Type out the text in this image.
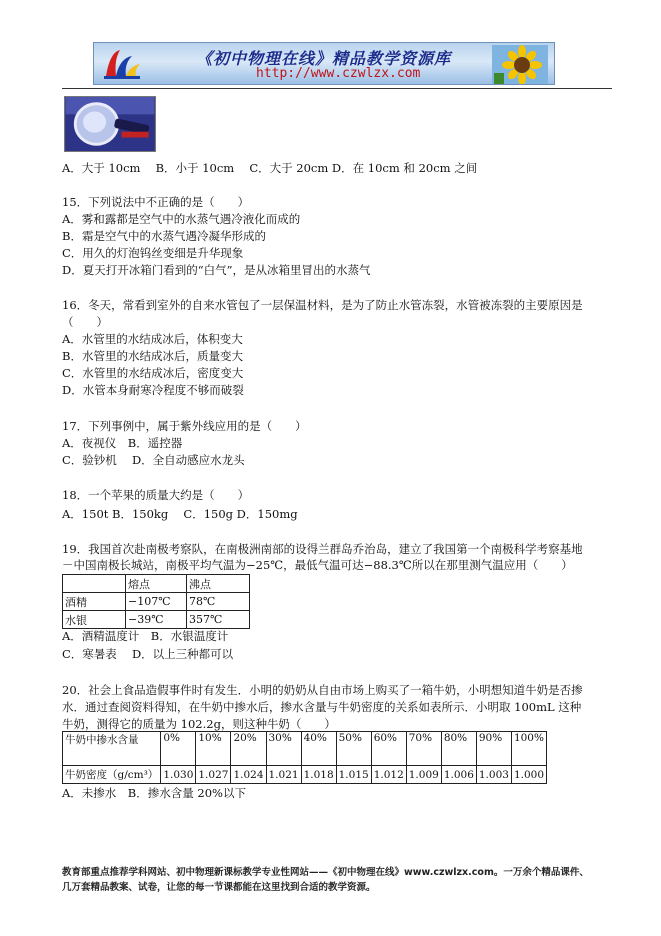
《初中物理在线》精品教学资源库
http://www.czwlzx.com
A．大于 10cm　 B．小于 10cm　 C．大于 20cm D．在 10cm 和 20cm 之间
15．下列说法中不正确的是（　　）
A．雾和露都是空气中的水蒸气遇冷液化而成的
B．霜是空气中的水蒸气遇冷凝华形成的
C．用久的灯泡钨丝变细是升华现象
D．夏天打开冰箱门看到的“白气”，是从冰箱里冒出的水蒸气
16．冬天，常看到室外的自来水管包了一层保温材料，是为了防止水管冻裂，水管被冻裂的主要原因是
（　　）
A．水管里的水结成冰后，体积变大
B．水管里的水结成冰后，质量变大
C．水管里的水结成冰后，密度变大
D．水管本身耐寒冷程度不够而破裂
17．下列事例中，属于紫外线应用的是（　　）
A．夜视仪　B．遥控器
C．验钞机　 D．全自动感应水龙头
18．一个苹果的质量大约是（　　）
A．150t B．150kg　 C．150g D．150mg
19．我国首次赴南极考察队，在南极洲南部的设得兰群岛乔治岛，建立了我国第一个南极科学考察基地
－中国南极长城站，南极平均气温为−25℃，最低气温可达−88.3℃所以在那里测气温应用（　　）
	熔点	沸点
酒精	−107℃	78℃
水银	−39℃	357℃
A．酒精温度计　B．水银温度计
C．寒暑表　 D．以上三种都可以
20．社会上食品造假事件时有发生．小明的奶奶从自由市场上购买了一箱牛奶，小明想知道牛奶是否掺
水．通过查阅资料得知，在牛奶中掺水后，掺水含量与牛奶密度的关系如表所示．小明取 100mL 这种
牛奶，测得它的质量为 102.2g，则这种牛奶（　　）
牛奶中掺水含量	0%	10%	20%	30%	40%	50%	60%	70%	80%	90%	100%
牛奶密度（g/cm³）	1.030	1.027	1.024	1.021	1.018	1.015	1.012	1.009	1.006	1.003	1.000
A．未掺水　B．掺水含量 20%以下
教育部重点推荐学科网站、初中物理新课标教学专业性网站——《初中物理在线》www.czwlzx.com。一万余个精品课件、
几万套精品教案、试卷，让您的每一节课都能在这里找到合适的教学资源。
